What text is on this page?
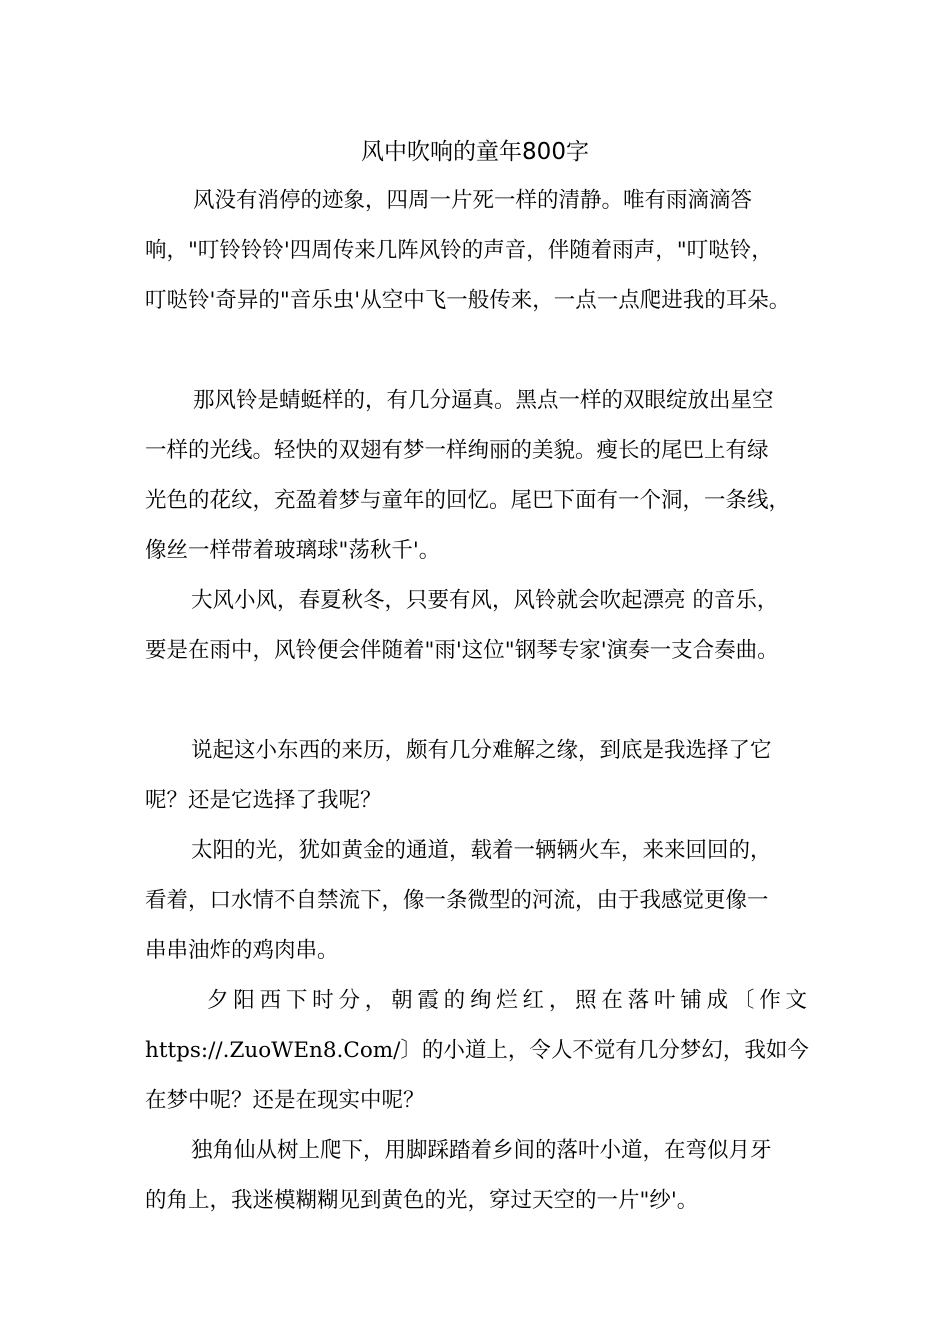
风中吹响的童年800字
风没有消停的迹象，四周一片死一样的清静。唯有雨滴滴答
响，"叮铃铃铃'四周传来几阵风铃的声音，伴随着雨声，"叮哒铃，
叮哒铃'奇异的"音乐虫'从空中飞一般传来，一点一点爬进我的耳朵。
那风铃是蜻蜓样的，有几分逼真。黑点一样的双眼绽放出星空
一样的光线。轻快的双翅有梦一样绚丽的美貌。瘦长的尾巴上有绿
光色的花纹，充盈着梦与童年的回忆。尾巴下面有一个洞，一条线，
像丝一样带着玻璃球"荡秋千'。
大风小风，春夏秋冬，只要有风，风铃就会吹起漂亮 的音乐，
要是在雨中，风铃便会伴随着"雨'这位"钢琴专家'演奏一支合奏曲。
说起这小东西的来历，颇有几分难解之缘，到底是我选择了它
呢？还是它选择了我呢？
太阳的光，犹如黄金的通道，载着一辆辆火车，来来回回的，
看着，口水情不自禁流下，像一条微型的河流，由于我感觉更像一
串串油炸的鸡肉串。
夕阳西下时分，朝霞的绚烂红，照在落叶铺成〔作文
https://.ZuoWEn8.Com/〕的小道上，令人不觉有几分梦幻，我如今
在梦中呢？还是在现实中呢？
独角仙从树上爬下，用脚踩踏着乡间的落叶小道，在弯似月牙
的角上，我迷模糊糊见到黄色的光，穿过天空的一片"纱'。
